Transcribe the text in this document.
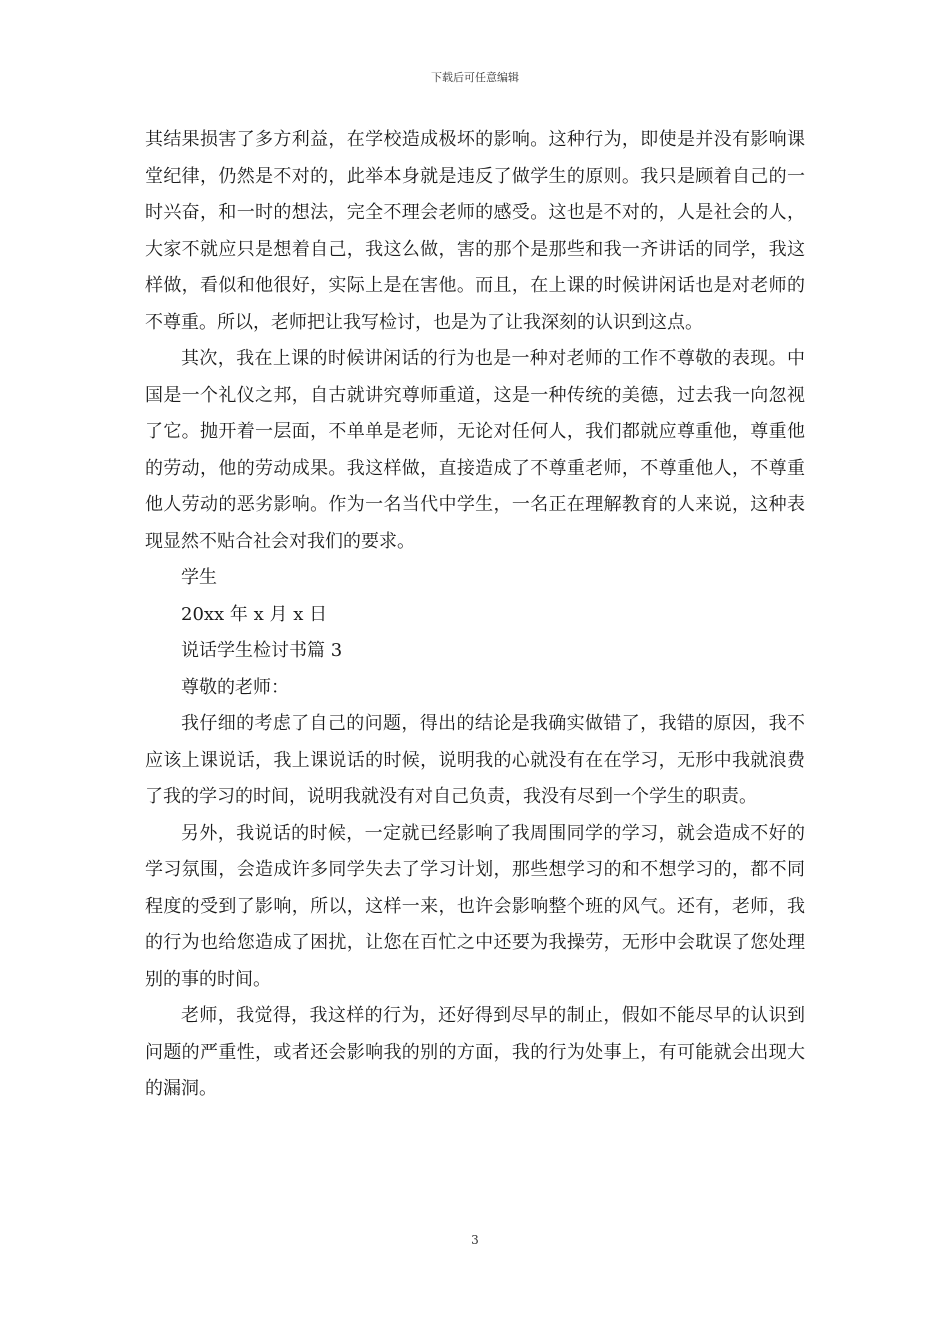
下载后可任意编辑

其结果损害了多方利益，在学校造成极坏的影响。这种行为，即使是并没有影响课堂纪律，仍然是不对的，此举本身就是违反了做学生的原则。我只是顾着自己的一时兴奋，和一时的想法，完全不理会老师的感受。这也是不对的，人是社会的人，大家不就应只是想着自己，我这么做，害的那个是那些和我一齐讲话的同学，我这样做，看似和他很好，实际上是在害他。而且，在上课的时候讲闲话也是对老师的不尊重。所以，老师把让我写检讨，也是为了让我深刻的认识到这点。

其次，我在上课的时候讲闲话的行为也是一种对老师的工作不尊敬的表现。中国是一个礼仪之邦，自古就讲究尊师重道，这是一种传统的美德，过去我一向忽视了它。抛开着一层面，不单单是老师，无论对任何人，我们都就应尊重他，尊重他的劳动，他的劳动成果。我这样做，直接造成了不尊重老师，不尊重他人，不尊重他人劳动的恶劣影响。作为一名当代中学生，一名正在理解教育的人来说，这种表现显然不贴合社会对我们的要求。

学生

20xx 年 x 月 x 日

说话学生检讨书篇 3

尊敬的老师：

我仔细的考虑了自己的问题，得出的结论是我确实做错了，我错的原因，我不应该上课说话，我上课说话的时候，说明我的心就没有在在学习，无形中我就浪费了我的学习的时间，说明我就没有对自己负责，我没有尽到一个学生的职责。

另外，我说话的时候，一定就已经影响了我周围同学的学习，就会造成不好的学习氛围，会造成许多同学失去了学习计划，那些想学习的和不想学习的，都不同程度的受到了影响，所以，这样一来，也许会影响整个班的风气。还有，老师，我的行为也给您造成了困扰，让您在百忙之中还要为我操劳，无形中会耽误了您处理别的事的时间。

老师，我觉得，我这样的行为，还好得到尽早的制止，假如不能尽早的认识到问题的严重性，或者还会影响我的别的方面，我的行为处事上，有可能就会出现大的漏洞。

3
